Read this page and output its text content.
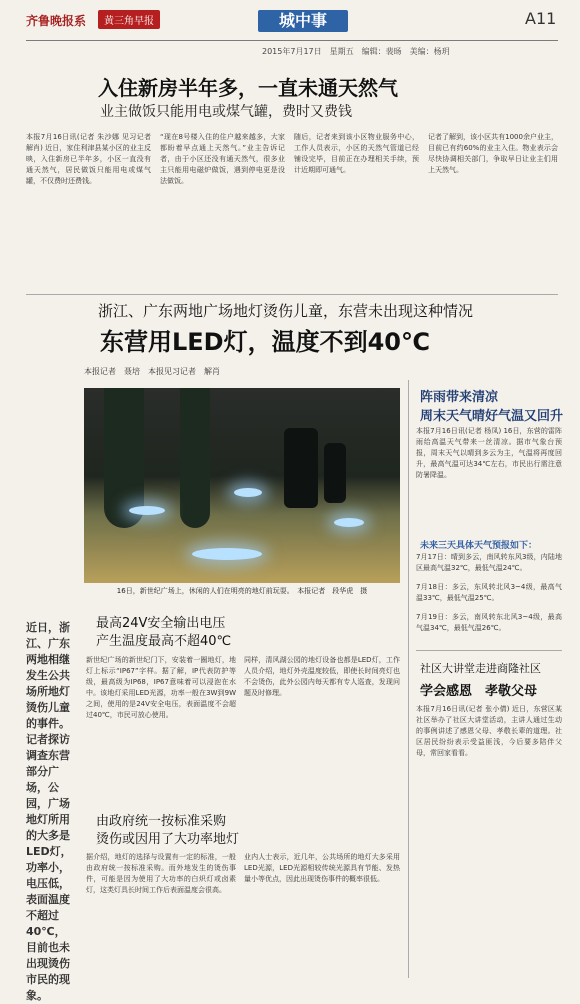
齐鲁晚报系	黄三角早报	城中事	A11
2015年7月17日　星期五　编辑：裴旸　美编：杨玥
入住新房半年多，一直未通天然气
业主做饭只能用电或煤气罐，费时又费钱
本报7月16日讯(记者 朱沙娜 见习记者 解肖) 近日，家住利津县某小区的业主反映，入住新房已半年多，小区一直没有通天然气，居民做饭只能用电或煤气罐，不仅费时还费钱。
“现在8号楼入住的住户越来越多，大家都盼着早点通上天然气。”业主告诉记者，由于小区还没有通天然气，很多业主只能用电磁炉做饭，遇到停电更是没法做饭。
随后，记者来到该小区物业服务中心，工作人员表示，小区的天然气管道已经铺设完毕，目前正在办理相关手续，预计近期即可通气。
记者了解到，该小区共有1000余户业主，目前已有约60%的业主入住。物业表示会尽快协调相关部门，争取早日让业主们用上天然气。
浙江、广东两地广场地灯烫伤儿童，东营未出现这种情况
东营用LED灯，温度不到40℃
本报记者　聂培　本报见习记者　解肖
16日，新世纪广场上，休闲的人们在明亮的地灯前玩耍。　本报记者　段华虎　摄
近日，浙江、广东两地相继发生公共场所地灯烫伤儿童的事件。记者探访调查东营部分广场，公园，广场地灯所用的大多是LED灯，功率小，电压低，表面温度不超过40℃，目前也未出现烫伤市民的现象。
最高24V安全输出电压
产生温度最高不超40℃
新世纪广场的新世纪门下，安装着一圈地灯，地灯上标示“IP67”字样。据了解，IP代表防护等级，最高级为IP68，IP67意味着可以浸泡在水中。该地灯采用LED光源，功率一般在3W到9W之间，使用的是24V安全电压，表面温度不会超过40℃，市民可放心使用。
同样，清风湖公园的地灯设备也都是LED灯，工作人员介绍，地灯外壳温度较低，即使长时间亮灯也不会烫伤，此外公园内每天都有专人巡查，发现问题及时修理。
由政府统一按标准采购
烫伤或因用了大功率地灯
据介绍，地灯的选择与设置有一定的标准，一般由政府统一按标准采购。而外地发生的烫伤事件，可能是因为使用了大功率的白炽灯或卤素灯，这类灯具长时间工作后表面温度会很高。
业内人士表示，近几年，公共场所的地灯大多采用LED光源，LED光源相较传统光源具有节能、发热量小等优点，因此出现烫伤事件的概率很低。
阵雨带来清凉
周末天气晴好气温又回升
本报7月16日讯(记者 杨凤) 16日，东营的雷阵雨给高温天气带来一丝清凉。据市气象台预报，周末天气以晴到多云为主，气温将再度回升，最高气温可达34℃左右，市民出行需注意防暑降温。
未来三天具体天气预报如下：
7月17日：晴到多云，南风转东风3级，内陆地区最高气温32℃，最低气温24℃。
7月18日：多云，东风转北风3~4级，最高气温33℃，最低气温25℃。
7月19日：多云，南风转东北风3~4级，最高气温34℃，最低气温26℃。
社区大讲堂走进商隆社区
学会感恩　孝敬父母
本报7月16日讯(记者 张小倩) 近日，东营区某社区举办了社区大讲堂活动，主讲人通过生动的事例讲述了感恩父母、孝敬长辈的道理。社区居民纷纷表示受益匪浅，今后要多陪伴父母，常回家看看。
